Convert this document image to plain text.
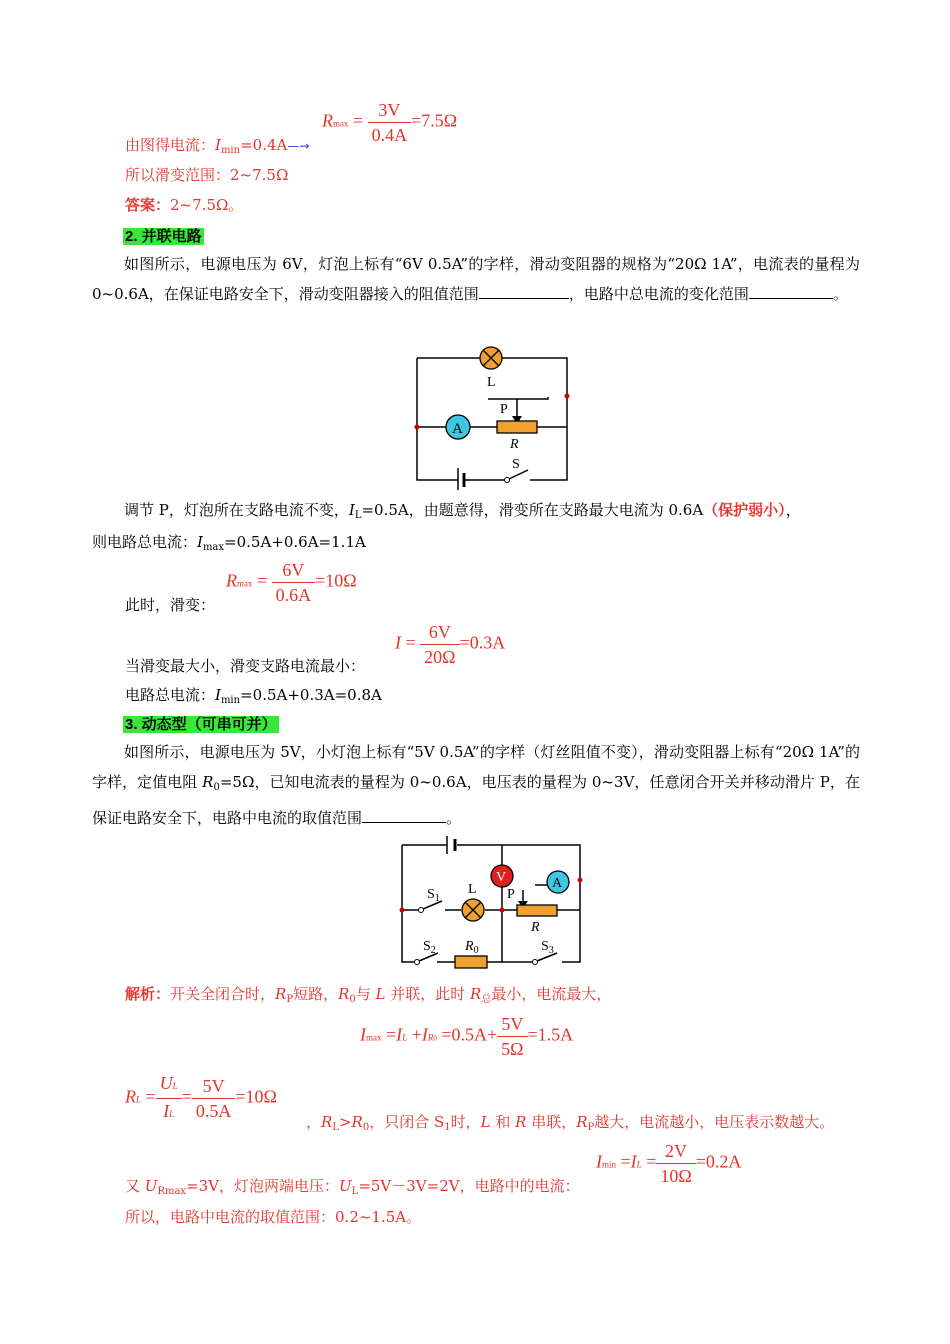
$Rmax = \frac{3V}{0.4A} =7.5\Omega$
由图得电流：$I_{min}=0.4A—\to$
所以滑变范围：2~7.5Ω
答案：2~7.5Ω。
2. 并联电路
如图所示，电源电压为 6V，灯泡上标有“6V 0.5A”的字样，滑动变阻器的规格为“20Ω 1A”，电流表的量程为 0~0.6A，在保证电路安全下，滑动变阻器接入的阻值范围	，电路中总电流的变化范围	。
L
P
R
A
S
调节 P，灯泡所在支路电流不变，$I_L=0.5A$，由题意得，滑变所在支路最大电流为 0.6A（保护弱小），
则电路总电流：$I_{max}=0.5A+0.6A=1.1A$
$Rmax = \frac{6V}{0.6A} =10\Omega$
此时，滑变：
$I = \frac{6V}{20\Omega} =0.3A$
当滑变最大小，滑变支路电流最小：
电路总电流：$I_{min}=0.5A+0.3A=0.8A$
3. 动态型（可串可并）
如图所示，电源电压为 5V，小灯泡上标有“5V 0.5A”的字样（灯丝阻值不变），滑动变阻器上标有“20Ω 1A”的字样，定值电阻 $R_0=5\Omega$，已知电流表的量程为 0~0.6A，电压表的量程为 0~3V，任意闭合开关并移动滑片 P，在保证电路安全下，电路中电流的取值范围	。
V	A
$S_1$
L P
R
$S_2$ $R_0$	$S_3$
解析：开关全闭合时，$R_P$短路，$R_0$与 L 并联，此时 $R_总$最小，电流最大，
$Imax =IL +IR0 =0.5A+ \frac{5V}{5\Omega} =1.5A$
RL = $\frac{UL}{IL} = \frac{5V}{0.5A} =10\Omega$
，$R_L>R_0$，只闭合 $S_1$时，L 和 R 串联，$R_P$越大，电流越小，电压表示数越大。
$Imin =IL = \frac{2V}{10\Omega} =0.2A$
又 $U_{Rmax}=3V$，灯泡两端电压：$U_L=5V-3V=2V$，电路中的电流：
所以，电路中电流的取值范围：0.2~1.5A。
